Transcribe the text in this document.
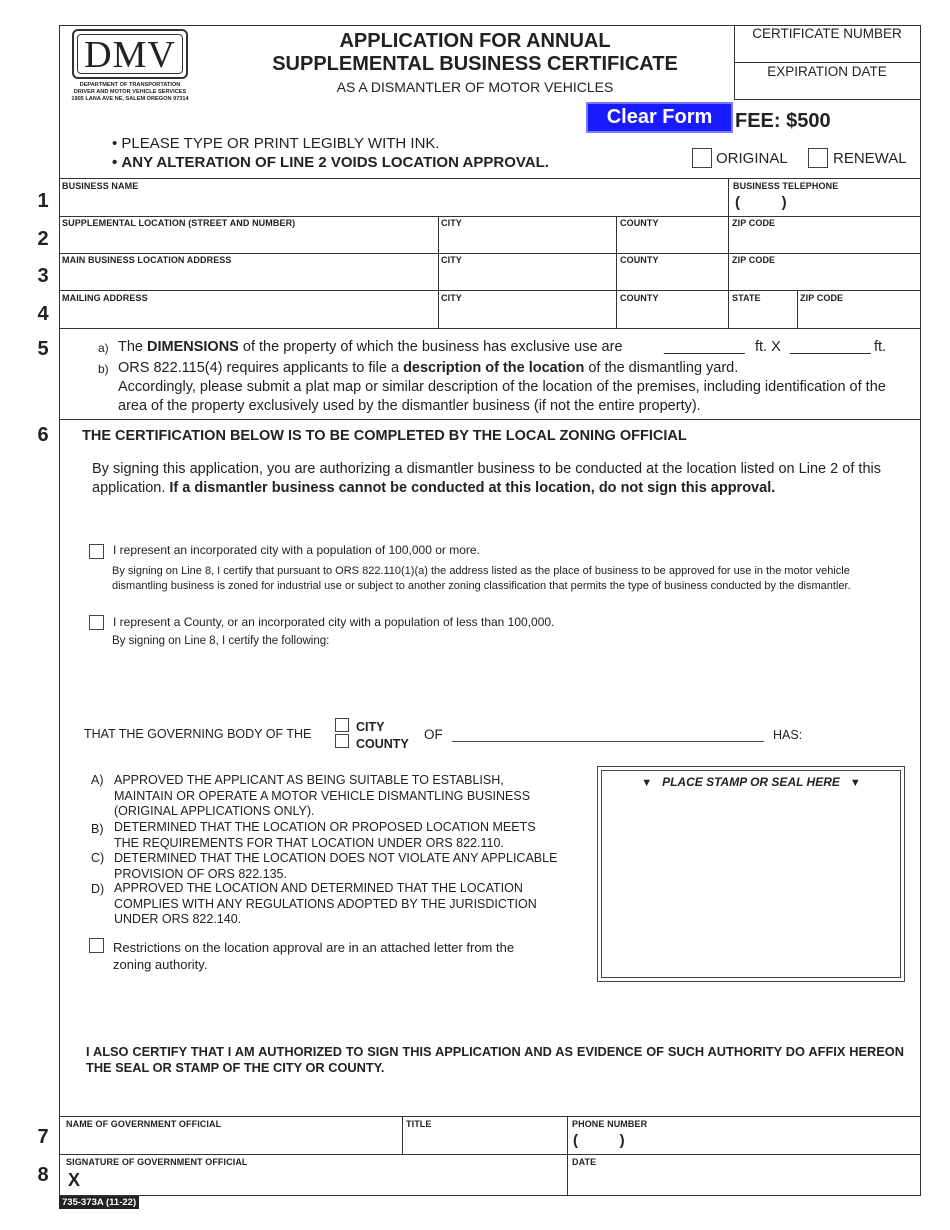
DMV
DEPARTMENT OF TRANSPORTATION
DRIVER AND MOTOR VEHICLE SERVICES
1905 LANA AVE NE, SALEM OREGON 97314
APPLICATION FOR ANNUAL
SUPPLEMENTAL BUSINESS CERTIFICATE
AS A DISMANTLER OF MOTOR VEHICLES
CERTIFICATE NUMBER
EXPIRATION DATE
Clear Form	FEE: $500
• PLEASE TYPE OR PRINT LEGIBLY WITH INK.
• ANY ALTERATION OF LINE 2 VOIDS LOCATION APPROVAL.	ORIGINAL	RENEWAL
1
2
3
4
BUSINESS NAME	BUSINESS TELEPHONE
(          )
SUPPLEMENTAL LOCATION (STREET AND NUMBER)	CITY	COUNTY	ZIP CODE
MAIN BUSINESS LOCATION ADDRESS	CITY	COUNTY	ZIP CODE
MAILING ADDRESS	CITY	COUNTY	STATE	ZIP CODE
5	a) The DIMENSIONS of the property of which the business has exclusive use are	__________ ft. X __________ ft.
b) ORS 822.115(4) requires applicants to file a description of the location of the dismantling yard.
Accordingly, please submit a plat map or similar description of the location of the premises, including identification of the area of the property exclusively used by the dismantler business (if not the entire property).
6	THE CERTIFICATION BELOW IS TO BE COMPLETED BY THE LOCAL ZONING OFFICIAL
By signing this application, you are authorizing a dismantler business to be conducted at the location listed on Line 2 of this application. If a dismantler business cannot be conducted at this location, do not sign this approval.
I represent an incorporated city with a population of 100,000 or more.
By signing on Line 8, I certify that pursuant to ORS 822.110(1)(a) the address listed as the place of business to be approved for use in the motor vehicle dismantling business is zoned for industrial use or subject to another zoning classification that permits the type of business conducted by the dismantler.
I represent a County, or an incorporated city with a population of less than 100,000.
By signing on Line 8, I certify the following:
THAT THE GOVERNING BODY OF THE	CITY
COUNTY
OF	HAS:
A) APPROVED THE APPLICANT AS BEING SUITABLE TO ESTABLISH, MAINTAIN OR OPERATE A MOTOR VEHICLE DISMANTLING BUSINESS (ORIGINAL APPLICATIONS ONLY).
B) DETERMINED THAT THE LOCATION OR PROPOSED LOCATION MEETS THE REQUIREMENTS FOR THAT LOCATION UNDER ORS 822.110.
C) DETERMINED THAT THE LOCATION DOES NOT VIOLATE ANY APPLICABLE PROVISION OF ORS 822.135.
D) APPROVED THE LOCATION AND DETERMINED THAT THE LOCATION COMPLIES WITH ANY REGULATIONS ADOPTED BY THE JURISDICTION UNDER ORS 822.140.
Restrictions on the location approval are in an attached letter from the zoning authority.
▼ PLACE STAMP OR SEAL HERE ▼
I ALSO CERTIFY THAT I AM AUTHORIZED TO SIGN THIS APPLICATION AND AS EVIDENCE OF SUCH AUTHORITY DO AFFIX HEREON THE SEAL OR STAMP OF THE CITY OR COUNTY.
7
8
NAME OF GOVERNMENT OFFICIAL	TITLE	PHONE NUMBER
(          )
SIGNATURE OF GOVERNMENT OFFICIAL
X
DATE
735-373A (11-22)
